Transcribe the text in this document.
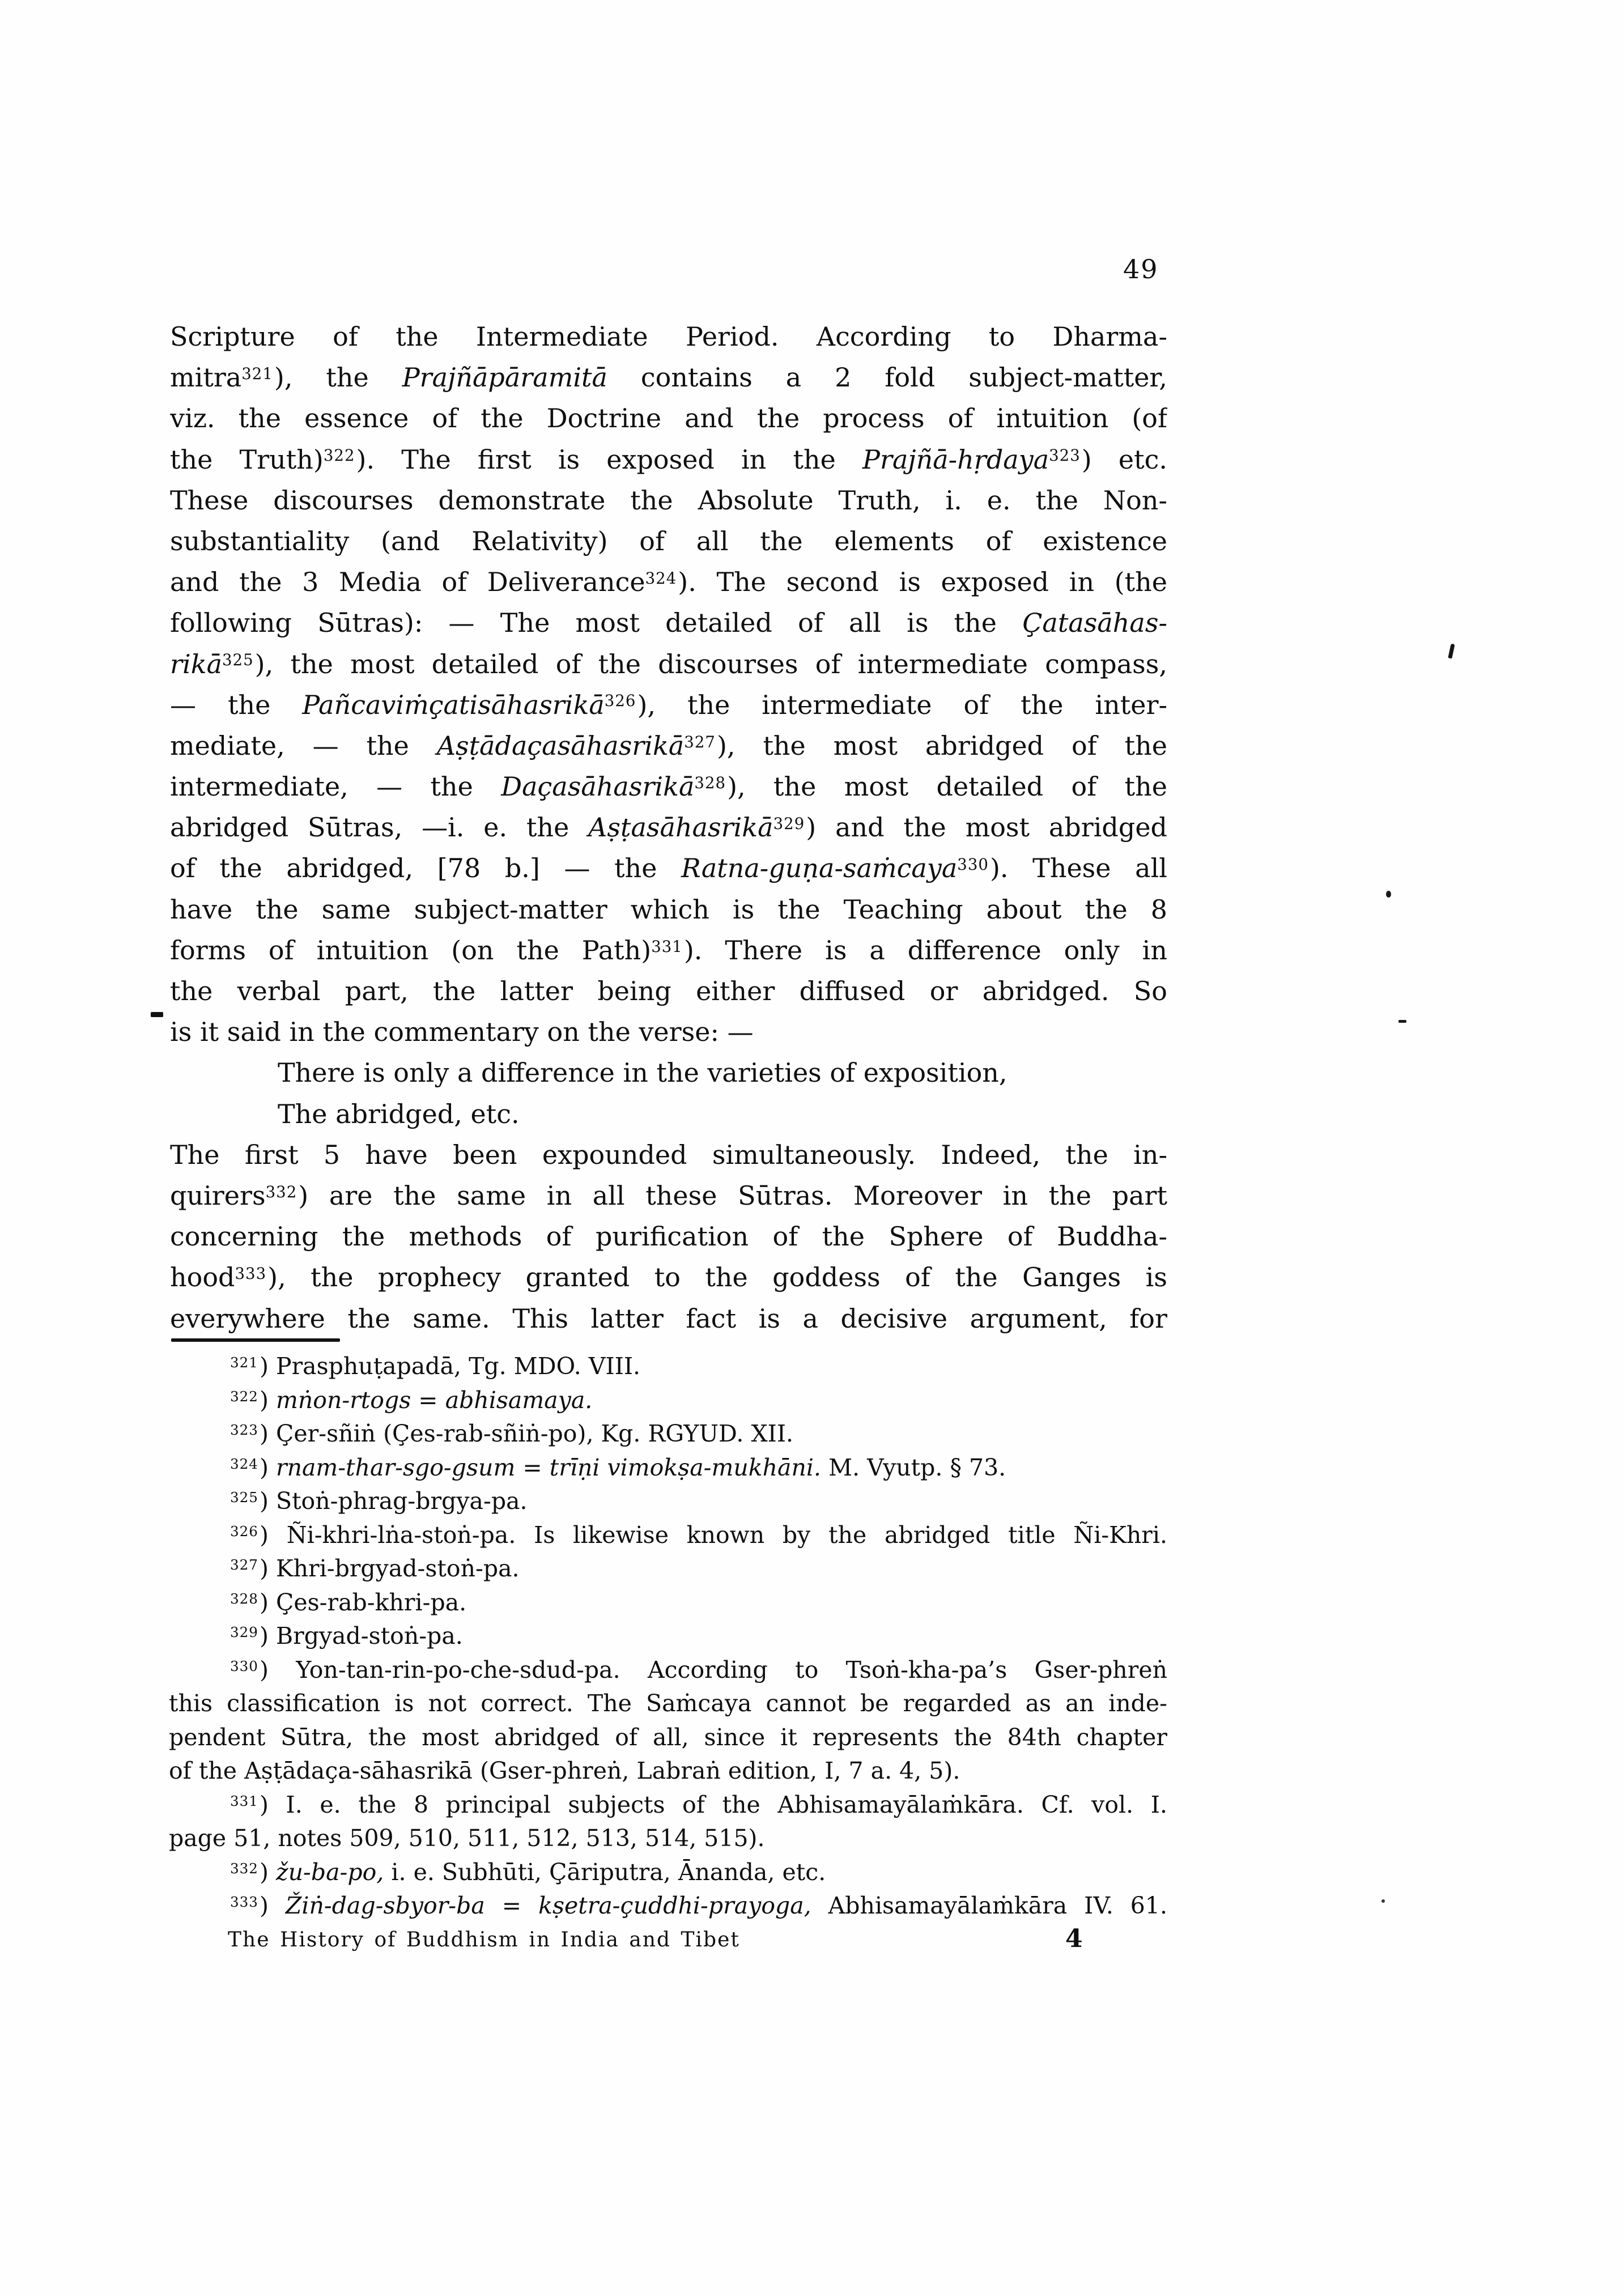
49
Scripture of the Intermediate Period. According to Dharma-
mitra$^{321}$), the Prajñāpāramitā contains a 2 fold subject-matter,
viz. the essence of the Doctrine and the process of intuition (of
the Truth)$^{322}$). The first is exposed in the Prajñā-hṛdaya$^{323}$) etc.
These discourses demonstrate the Absolute Truth, i. e. the Non-
substantiality (and Relativity) of all the elements of existence
and the 3 Media of Deliverance$^{324}$). The second is exposed in (the
following Sūtras): — The most detailed of all is the Çatasāhas-
rikā$^{325}$), the most detailed of the discourses of intermediate compass,
— the Pañcaviṁçatisāhasrikā$^{326}$), the intermediate of the inter-
mediate, — the Aṣṭādaçasāhasrikā$^{327}$), the most abridged of the
intermediate, — the Daçasāhasrikā$^{328}$), the most detailed of the
abridged Sūtras, —i. e. the Aṣṭasāhasrikā$^{329}$) and the most abridged
of the abridged, [78 b.] — the Ratna-guṇa-saṁcaya$^{330}$). These all
have the same subject-matter which is the Teaching about the 8
forms of intuition (on the Path)$^{331}$). There is a difference only in
the verbal part, the latter being either diffused or abridged. So
is it said in the commentary on the verse: —
There is only a difference in the varieties of exposition,
The abridged, etc.
The first 5 have been expounded simultaneously. Indeed, the in-
quirers$^{332}$) are the same in all these Sūtras. Moreover in the part
concerning the methods of purification of the Sphere of Buddha-
hood$^{333}$), the prophecy granted to the goddess of the Ganges is
everywhere the same. This latter fact is a decisive argument, for
$^{321}$) Prasphuṭapadā, Tg. MDO. VIII.
$^{322}$) mṅon-rtogs = abhisamaya.
$^{323}$) Çer-sñiṅ (Çes-rab-sñiṅ-po), Kg. RGYUD. XII.
$^{324}$) rnam-thar-sgo-gsum = trīṇi vimokṣa-mukhāni. M. Vyutp. § 73.
$^{325}$) Stoṅ-phrag-brgya-pa.
$^{326}$) Ñi-khri-lṅa-stoṅ-pa. Is likewise known by the abridged title Ñi-Khri.
$^{327}$) Khri-brgyad-stoṅ-pa.
$^{328}$) Çes-rab-khri-pa.
$^{329}$) Brgyad-stoṅ-pa.
$^{330}$) Yon-tan-rin-po-che-sdud-pa. According to Tsoṅ-kha-pa’s Gser-phreṅ
this classification is not correct. The Saṁcaya cannot be regarded as an inde-
pendent Sūtra, the most abridged of all, since it represents the 84th chapter
of the Aṣṭādaça-sāhasrikā (Gser-phreṅ, Labraṅ edition, I, 7 a. 4, 5).
$^{331}$) I. e. the 8 principal subjects of the Abhisamayālaṁkāra. Cf. vol. I.
page 51, notes 509, 510, 511, 512, 513, 514, 515).
$^{332}$) žu-ba-po, i. e. Subhūti, Çāriputra, Ānanda, etc.
$^{333}$) Žiṅ-dag-sbyor-ba = kṣetra-çuddhi-prayoga, Abhisamayālaṁkāra IV. 61.
The History of Buddhism in India and Tibet	4
